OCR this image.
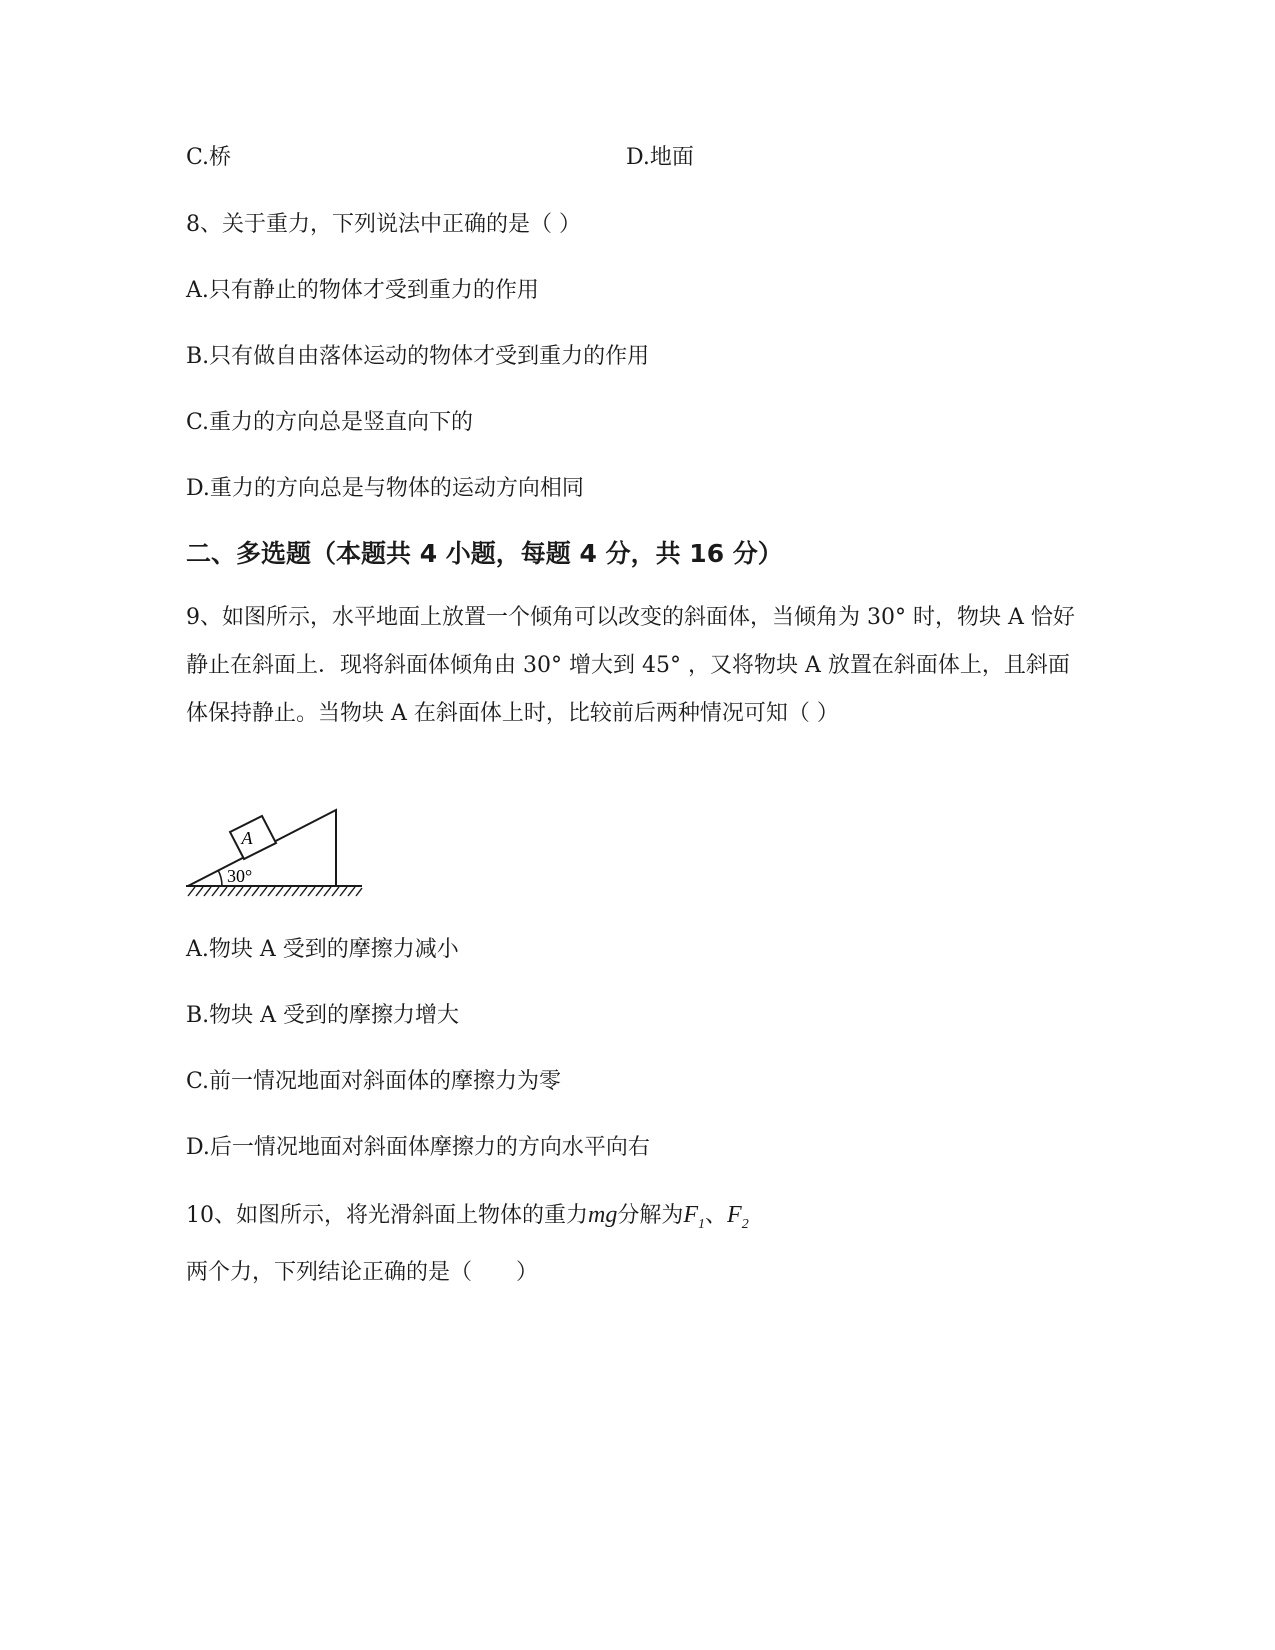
C.桥	D.地面
8、关于重力，下列说法中正确的是（ ）
A.只有静止的物体才受到重力的作用
B.只有做自由落体运动的物体才受到重力的作用
C.重力的方向总是竖直向下的
D.重力的方向总是与物体的运动方向相同
二、多选题（本题共 4 小题，每题 4 分，共 16 分）
9、如图所示，水平地面上放置一个倾角可以改变的斜面体，当倾角为 30° 时，物块 A 恰好静止在斜面上．现将斜面体倾角由 30° 增大到 45° ，又将物块 A 放置在斜面体上，且斜面体保持静止。当物块 A 在斜面体上时，比较前后两种情况可知（ ）
A
30°
A.物块 A 受到的摩擦力减小
B.物块 A 受到的摩擦力增大
C.前一情况地面对斜面体的摩擦力为零
D.后一情况地面对斜面体摩擦力的方向水平向右
10、如图所示，将光滑斜面上物体的重力mg分解为$F_1$、$F_2$两个力，下列结论正确的是（　　）
